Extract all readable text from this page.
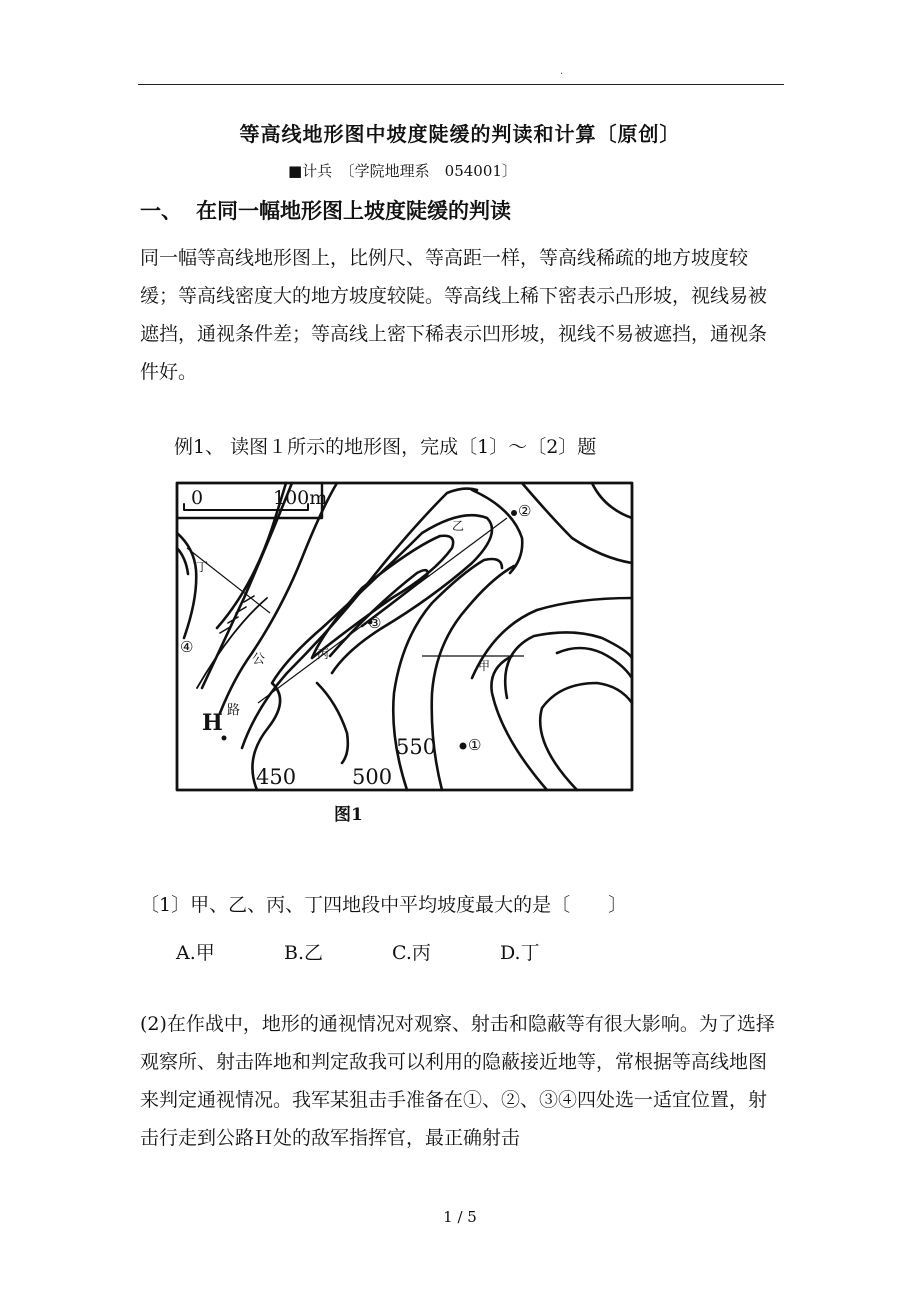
.
等高线地形图中坡度陡缓的判读和计算〔原创〕
■计兵　〔学院地理系　054001〕
一、 在同一幅地形图上坡度陡缓的判读
同一幅等高线地形图上，比例尺、等高距一样，等高线稀疏的地方坡度较缓；等高线密度大的地方坡度较陡。等高线上稀下密表示凸形坡，视线易被遮挡，通视条件差；等高线上密下稀表示凹形坡，视线不易被遮挡，通视条件好。
例1、 读图１所示的地形图，完成〔1〕～〔2〕题
0	100m
丁
乙
丙
甲
公
路
H
②
③
①
④
450	500
550
图1
〔1〕甲、乙、丙、丁四地段中平均坡度最大的是〔　　〕
A.甲	B.乙	C.丙	D.丁
(2)在作战中，地形的通视情况对观察、射击和隐蔽等有很大影响。为了选择观察所、射击阵地和判定敌我可以利用的隐蔽接近地等，常根据等高线地图来判定通视情况。我军某狙击手准备在①、②、③④四处选一适宜位置，射击行走到公路Ｈ处的敌军指挥官，最正确射击
1 / 5
